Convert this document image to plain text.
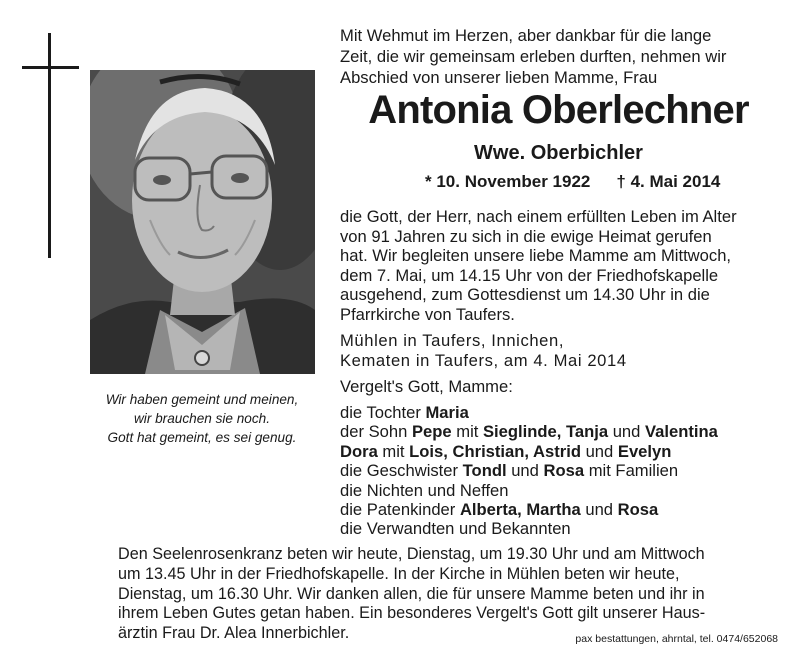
Wir haben gemeint und meinen,
wir brauchen sie noch.
Gott hat gemeint, es sei genug.
Mit Wehmut im Herzen, aber dankbar für die lange
Zeit, die wir gemeinsam erleben durften, nehmen wir
Abschied von unserer lieben Mamme, Frau
Antonia Oberlechner
Wwe. Oberbichler
* 10. November 1922 † 4. Mai 2014
die Gott, der Herr, nach einem erfüllten Leben im Alter
von 91 Jahren zu sich in die ewige Heimat gerufen
hat. Wir begleiten unsere liebe Mamme am Mittwoch,
dem 7. Mai, um 14.15 Uhr von der Friedhofskapelle
ausgehend, zum Gottesdienst um 14.30 Uhr in die
Pfarrkirche von Taufers.
Mühlen in Taufers, Innichen,
Kematen in Taufers, am 4. Mai 2014
Vergelt's Gott, Mamme:
die Tochter Maria
der Sohn Pepe mit Sieglinde, Tanja und Valentina
Dora mit Lois, Christian, Astrid und Evelyn
die Geschwister Tondl und Rosa mit Familien
die Nichten und Neffen
die Patenkinder Alberta, Martha und Rosa
die Verwandten und Bekannten
Den Seelenrosenkranz beten wir heute, Dienstag, um 19.30 Uhr und am Mittwoch
um 13.45 Uhr in der Friedhofskapelle. In der Kirche in Mühlen beten wir heute,
Dienstag, um 16.30 Uhr. Wir danken allen, die für unsere Mamme beten und ihr in
ihrem Leben Gutes getan haben. Ein besonderes Vergelt's Gott gilt unserer Haus-
ärztin Frau Dr. Alea Innerbichler.	pax bestattungen, ahrntal, tel. 0474/652068
